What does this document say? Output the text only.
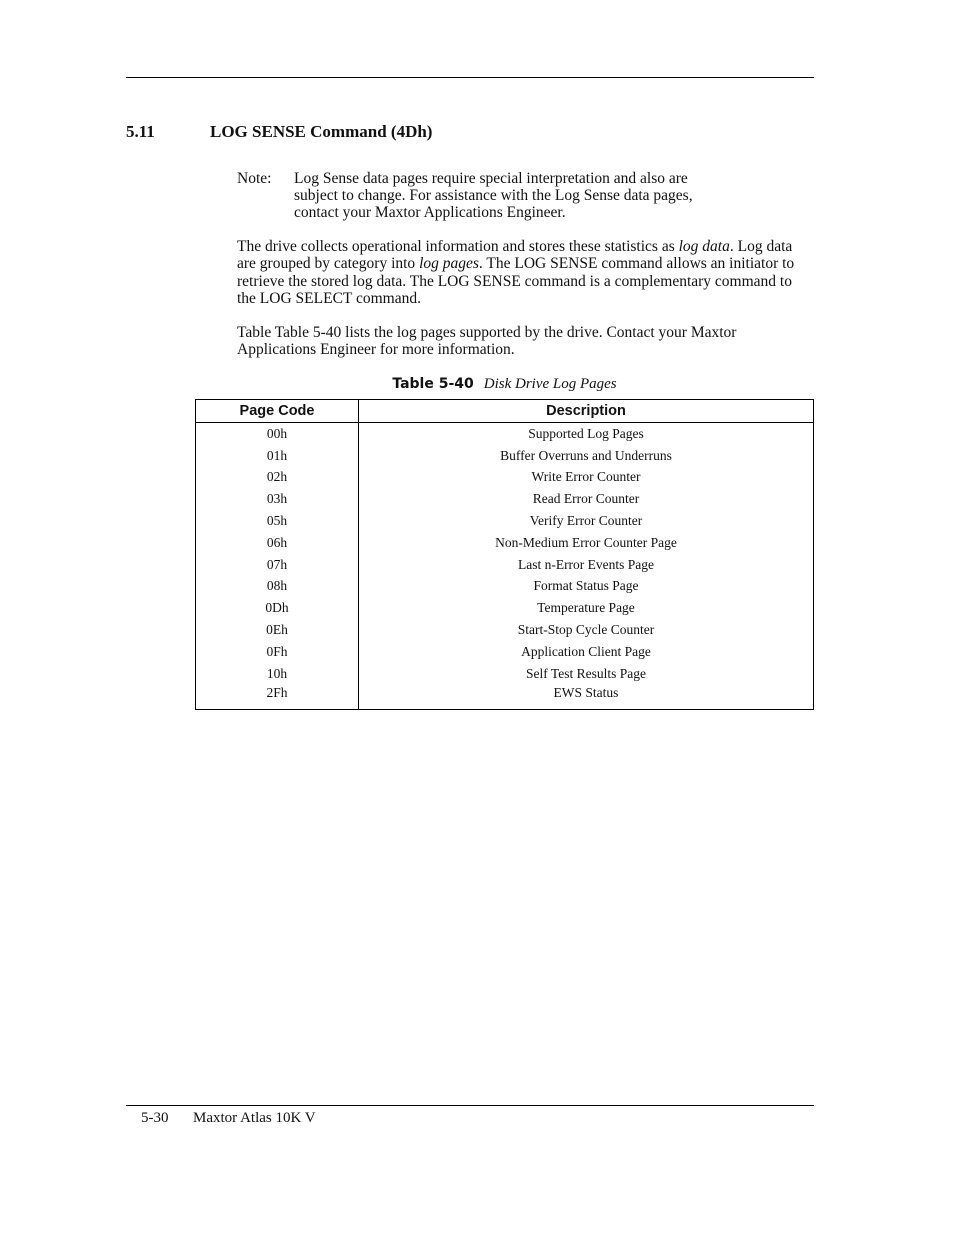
5.11	LOG SENSE Command (4Dh)
Note: Log Sense data pages require special interpretation and also are subject to change. For assistance with the Log Sense data pages, contact your Maxtor Applications Engineer.
The drive collects operational information and stores these statistics as log data. Log data are grouped by category into log pages. The LOG SENSE command allows an initiator to retrieve the stored log data. The LOG SENSE command is a complementary command to the LOG SELECT command.
Table Table 5-40 lists the log pages supported by the drive. Contact your Maxtor Applications Engineer for more information.
Table 5-40 Disk Drive Log Pages
Page Code	Description
00h	Supported Log Pages
01h	Buffer Overruns and Underruns
02h	Write Error Counter
03h	Read Error Counter
05h	Verify Error Counter
06h	Non-Medium Error Counter Page
07h	Last n-Error Events Page
08h	Format Status Page
0Dh	Temperature Page
0Eh	Start-Stop Cycle Counter
0Fh	Application Client Page
10h	Self Test Results Page
2Fh	EWS Status
5-30 Maxtor Atlas 10K V
